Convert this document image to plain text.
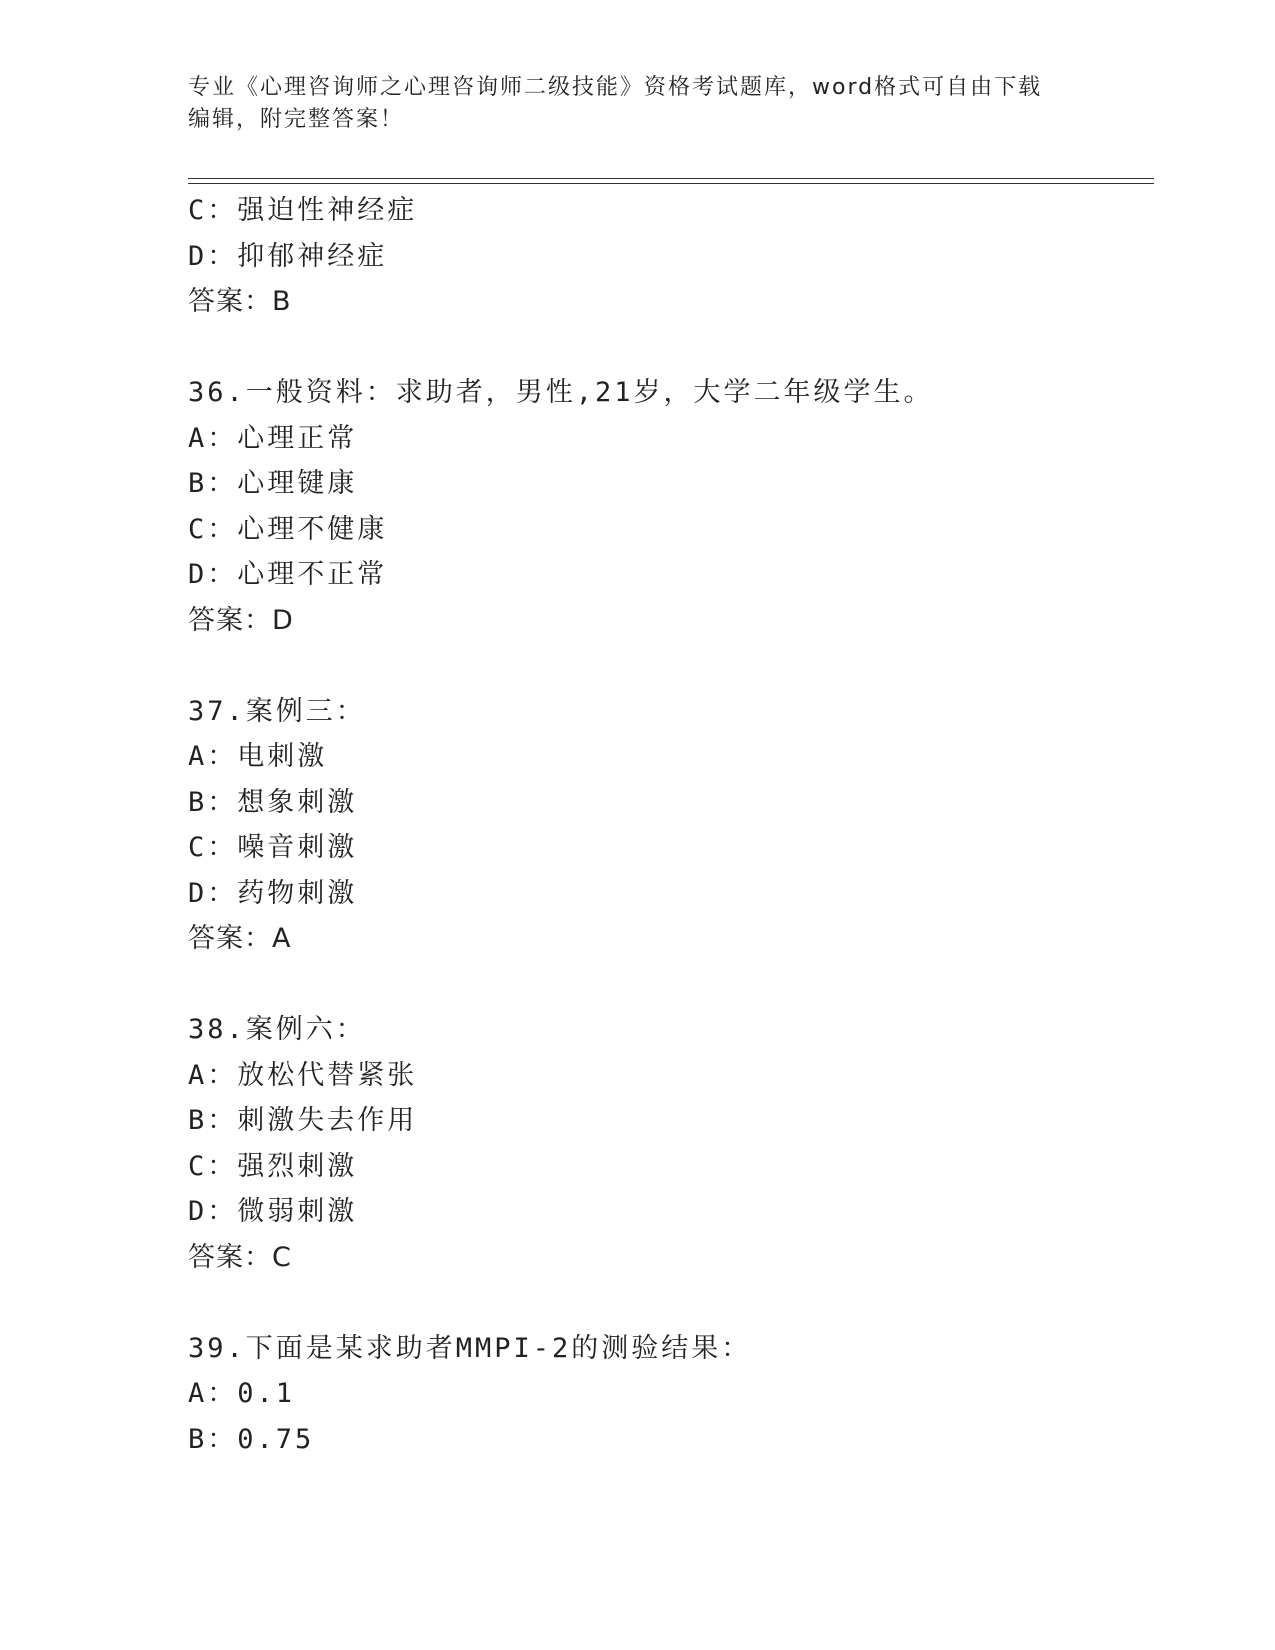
专业《心理咨询师之心理咨询师二级技能》资格考试题库，word格式可自由下载
编辑，附完整答案！
C：强迫性神经症
D：抑郁神经症
答案：B
36.一般资料：求助者，男性,21岁，大学二年级学生。
A：心理正常
B：心理键康
C：心理不健康
D：心理不正常
答案：D
37.案例三：
A：电刺激
B：想象刺激
C：噪音刺激
D：药物刺激
答案：A
38.案例六：
A：放松代替紧张
B：刺激失去作用
C：强烈刺激
D：微弱刺激
答案：C
39.下面是某求助者MMPI-2的测验结果：
A：0.1
B：0.75
